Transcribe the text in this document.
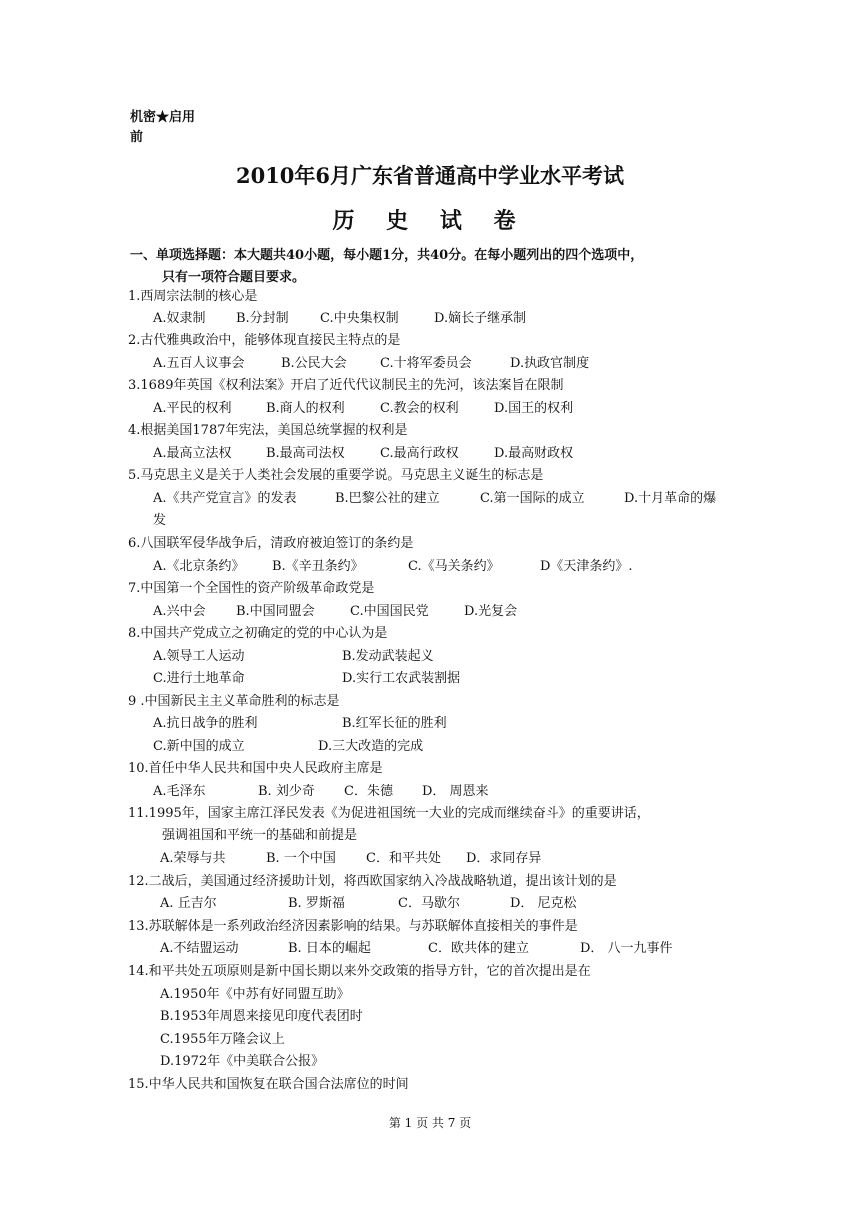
机密★启用
前
2010年6月广东省普通高中学业水平考试
历 史 试 卷
一、单项选择题：本大题共40小题，每小题1分，共40分。在每小题列出的四个选项中，
只有一项符合题目要求。
1.西周宗法制的核心是
A.奴隶制 B.分封制 C.中央集权制	D.嫡长子继承制
2.古代雅典政治中，能够体现直接民主特点的是
A.五百人议事会	B.公民大会	C.十将军委员会	D.执政官制度
3.1689年英国《权利法案》开启了近代代议制民主的先河，该法案旨在限制
A.平民的权利	B.商人的权利	C.教会的权利	D.国王的权利
4.根据美国1787年宪法，美国总统掌握的权利是
A.最高立法权	B.最高司法权	C.最高行政权	D.最高财政权
5.马克思主义是关于人类社会发展的重要学说。马克思主义诞生的标志是
A.《共产党宣言》的发表	B.巴黎公社的建立	C.第一国际的成立	D.十月革命的爆
发
6.八国联军侵华战争后，清政府被迫签订的条约是
A.《北京条约》 B.《辛丑条约》	C.《马关条约》	D《天津条约》.
7.中国第一个全国性的资产阶级革命政党是
A.兴中会 B.中国同盟会	C.中国国民党	D.光复会
8.中国共产党成立之初确定的党的中心认为是
A.领导工人运动	B.发动武装起义
C.进行土地革命	D.实行工农武装割据
9 .中国新民主主义革命胜利的标志是
A.抗日战争的胜利	B.红军长征的胜利
C.新中国的成立	D.三大改造的完成
10.首任中华人民共和国中央人民政府主席是
A.毛泽东	B. 刘少奇 C．朱德 D． 周恩来
11.1995年，国家主席江泽民发表《为促进祖国统一大业的完成而继续奋斗》的重要讲话，
强调祖国和平统一的基础和前提是
A.荣辱与共	B. 一个中国 C．和平共处 D．求同存异
12.二战后，美国通过经济援助计划，将西欧国家纳入冷战战略轨道，提出该计划的是
A. 丘吉尔	B. 罗斯福	C．马歇尔	D． 尼克松
13.苏联解体是一系列政治经济因素影响的结果。与苏联解体直接相关的事件是
A.不结盟运动	B. 日本的崛起	C．欧共体的建立	D． 八一九事件
14.和平共处五项原则是新中国长期以来外交政策的指导方针，它的首次提出是在
A.1950年《中苏有好同盟互助》
B.1953年周恩来接见印度代表团时
C.1955年万隆会议上
D.1972年《中美联合公报》
15.中华人民共和国恢复在联合国合法席位的时间
第 1 页 共 7 页
